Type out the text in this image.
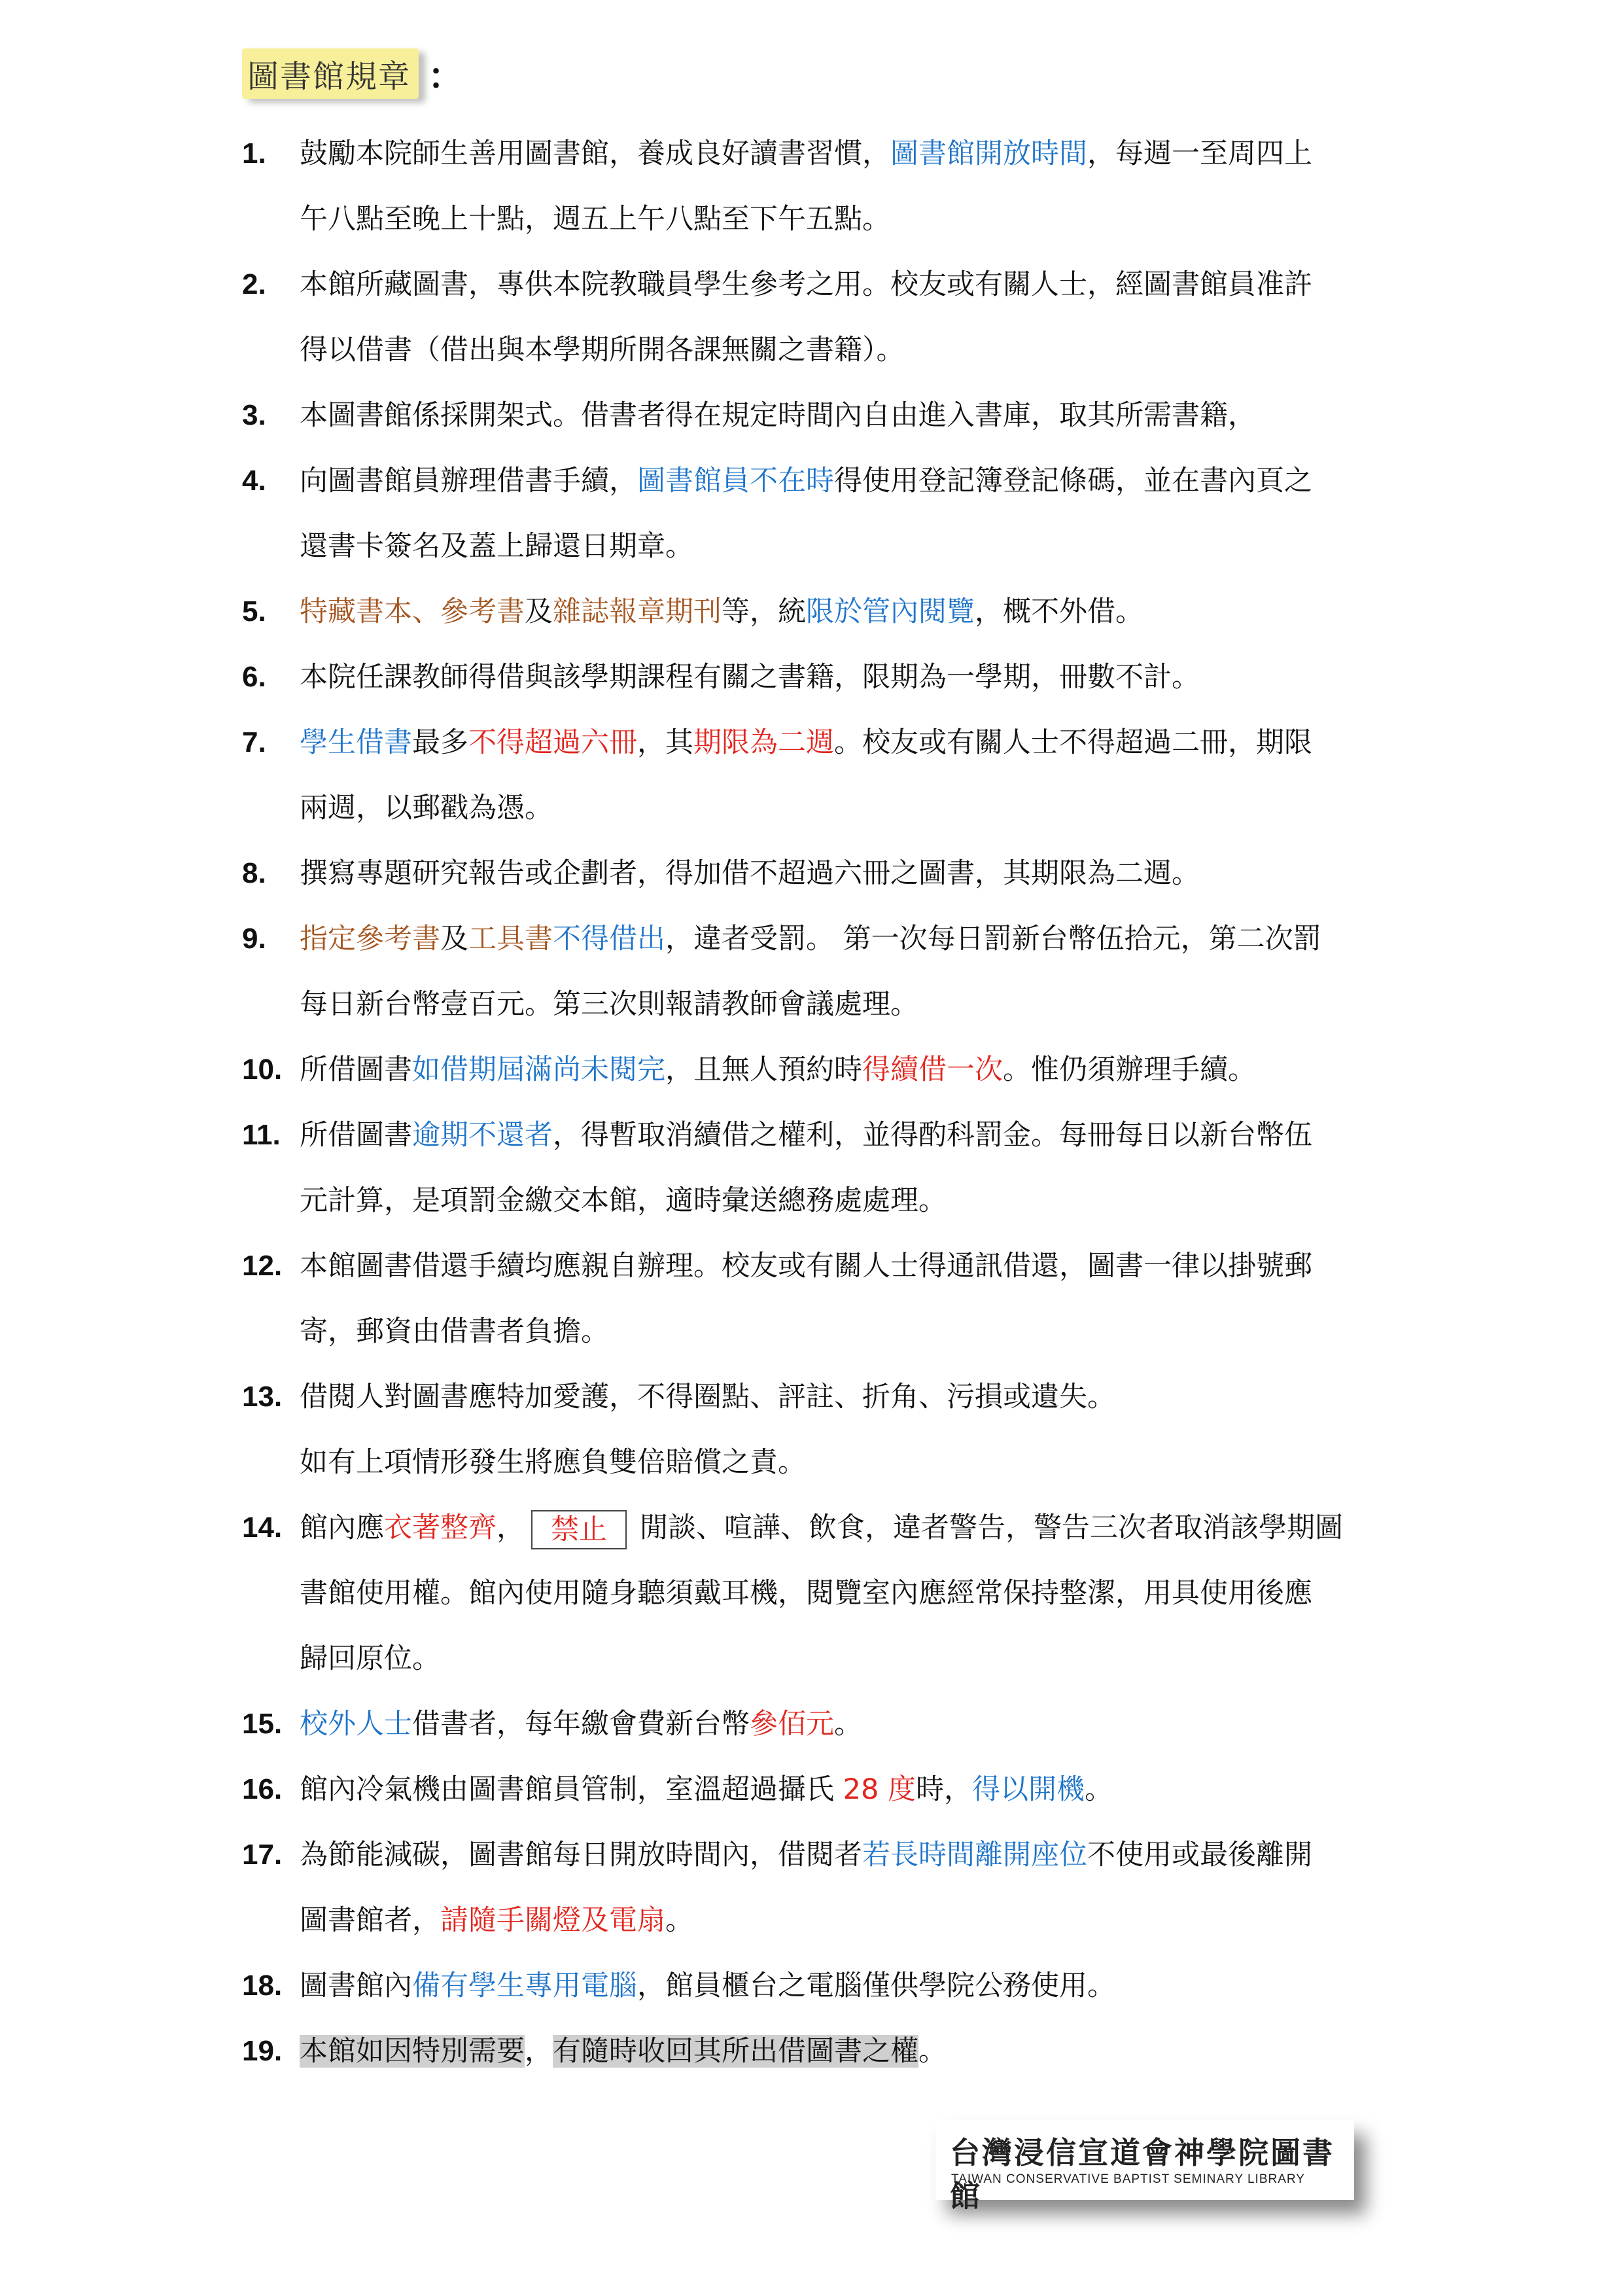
圖書館規章 ：
1. 鼓勵本院師生善用圖書館，養成良好讀書習慣，圖書館開放時間，每週一至周四上
午八點至晚上十點，週五上午八點至下午五點。
2. 本館所藏圖書，專供本院教職員學生參考之用。校友或有關人士，經圖書館員准許
得以借書（借出與本學期所開各課無關之書籍）。
3. 本圖書館係採開架式。借書者得在規定時間內自由進入書庫，取其所需書籍，
4. 向圖書館員辦理借書手續，圖書館員不在時得使用登記簿登記條碼，並在書內頁之
還書卡簽名及蓋上歸還日期章。
5. 特藏書本、參考書及雜誌報章期刊等，統限於管內閱覽，概不外借。
6. 本院任課教師得借與該學期課程有關之書籍，限期為一學期，冊數不計。
7. 學生借書最多不得超過六冊，其期限為二週。校友或有關人士不得超過二冊，期限
兩週，以郵戳為憑。
8. 撰寫專題研究報告或企劃者，得加借不超過六冊之圖書，其期限為二週。
9. 指定參考書及工具書不得借出，違者受罰。 第一次每日罰新台幣伍拾元，第二次罰
每日新台幣壹百元。第三次則報請教師會議處理。
10. 所借圖書如借期屆滿尚未閱完，且無人預約時得續借一次。惟仍須辦理手續。
11. 所借圖書逾期不還者，得暫取消續借之權利，並得酌科罰金。每冊每日以新台幣伍
元計算，是項罰金繳交本館，適時彙送總務處處理。
12. 本館圖書借還手續均應親自辦理。校友或有關人士得通訊借還，圖書一律以掛號郵
寄，郵資由借書者負擔。
13. 借閱人對圖書應特加愛護，不得圈點、評註、折角、污損或遺失。
如有上項情形發生將應負雙倍賠償之責。
14. 館內應衣著整齊， 禁止 閒談、喧譁、飲食，違者警告，警告三次者取消該學期圖
書館使用權。館內使用隨身聽須戴耳機，閱覽室內應經常保持整潔，用具使用後應
歸回原位。
15. 校外人士借書者，每年繳會費新台幣參佰元。
16. 館內冷氣機由圖書館員管制，室溫超過攝氏 28 度時，得以開機。
17. 為節能減碳，圖書館每日開放時間內，借閱者若長時間離開座位不使用或最後離開
圖書館者，請隨手關燈及電扇。
18. 圖書館內備有學生專用電腦，館員櫃台之電腦僅供學院公務使用。
19. 本館如因特別需要，有隨時收回其所出借圖書之權。
台灣浸信宣道會神學院圖書館
TAIWAN CONSERVATIVE BAPTIST SEMINARY LIBRARY
